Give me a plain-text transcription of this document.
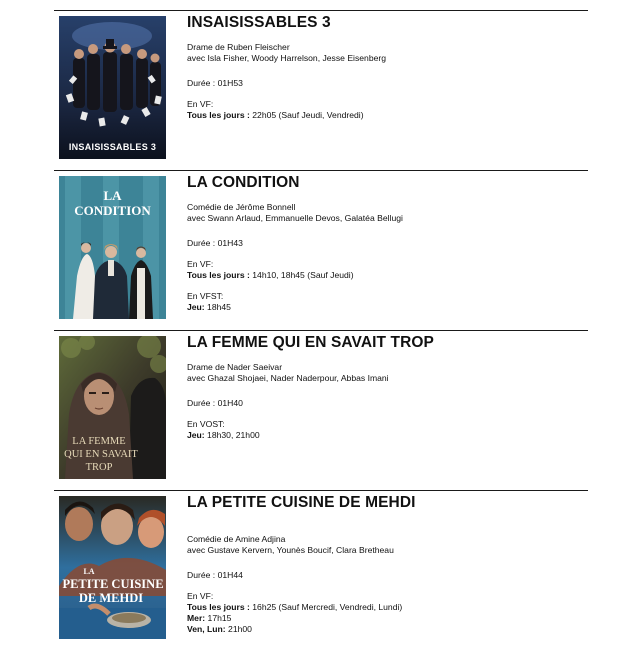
INSAISISSABLES 3
INSAISISSABLES 3
Drame de Ruben Fleischer
avec Isla Fisher, Woody Harrelson, Jesse Eisenberg
Durée : 01H53
En VF:
Tous les jours : 22h05 (Sauf Jeudi, Vendredi)
LA
CONDITION
LA CONDITION
Comédie de Jérôme Bonnell
avec Swann Arlaud, Emmanuelle Devos, Galatéa Bellugi
Durée : 01H43
En VF:
Tous les jours : 14h10, 18h45 (Sauf Jeudi)
En VFST:
Jeu: 18h45
LA FEMME
QUI EN SAVAIT
TROP
LA FEMME QUI EN SAVAIT TROP
Drame de Nader Saeivar
avec Ghazal Shojaei, Nader Naderpour, Abbas Imani
Durée : 01H40
En VOST:
Jeu: 18h30, 21h00
LA
PETITE CUISINE
DE MEHDI
LA PETITE CUISINE DE MEHDI
Comédie de Amine Adjina
avec Gustave Kervern, Younès Boucif, Clara Bretheau
Durée : 01H44
En VF:
Tous les jours : 16h25 (Sauf Mercredi, Vendredi, Lundi)
Mer: 17h15
Ven, Lun: 21h00
